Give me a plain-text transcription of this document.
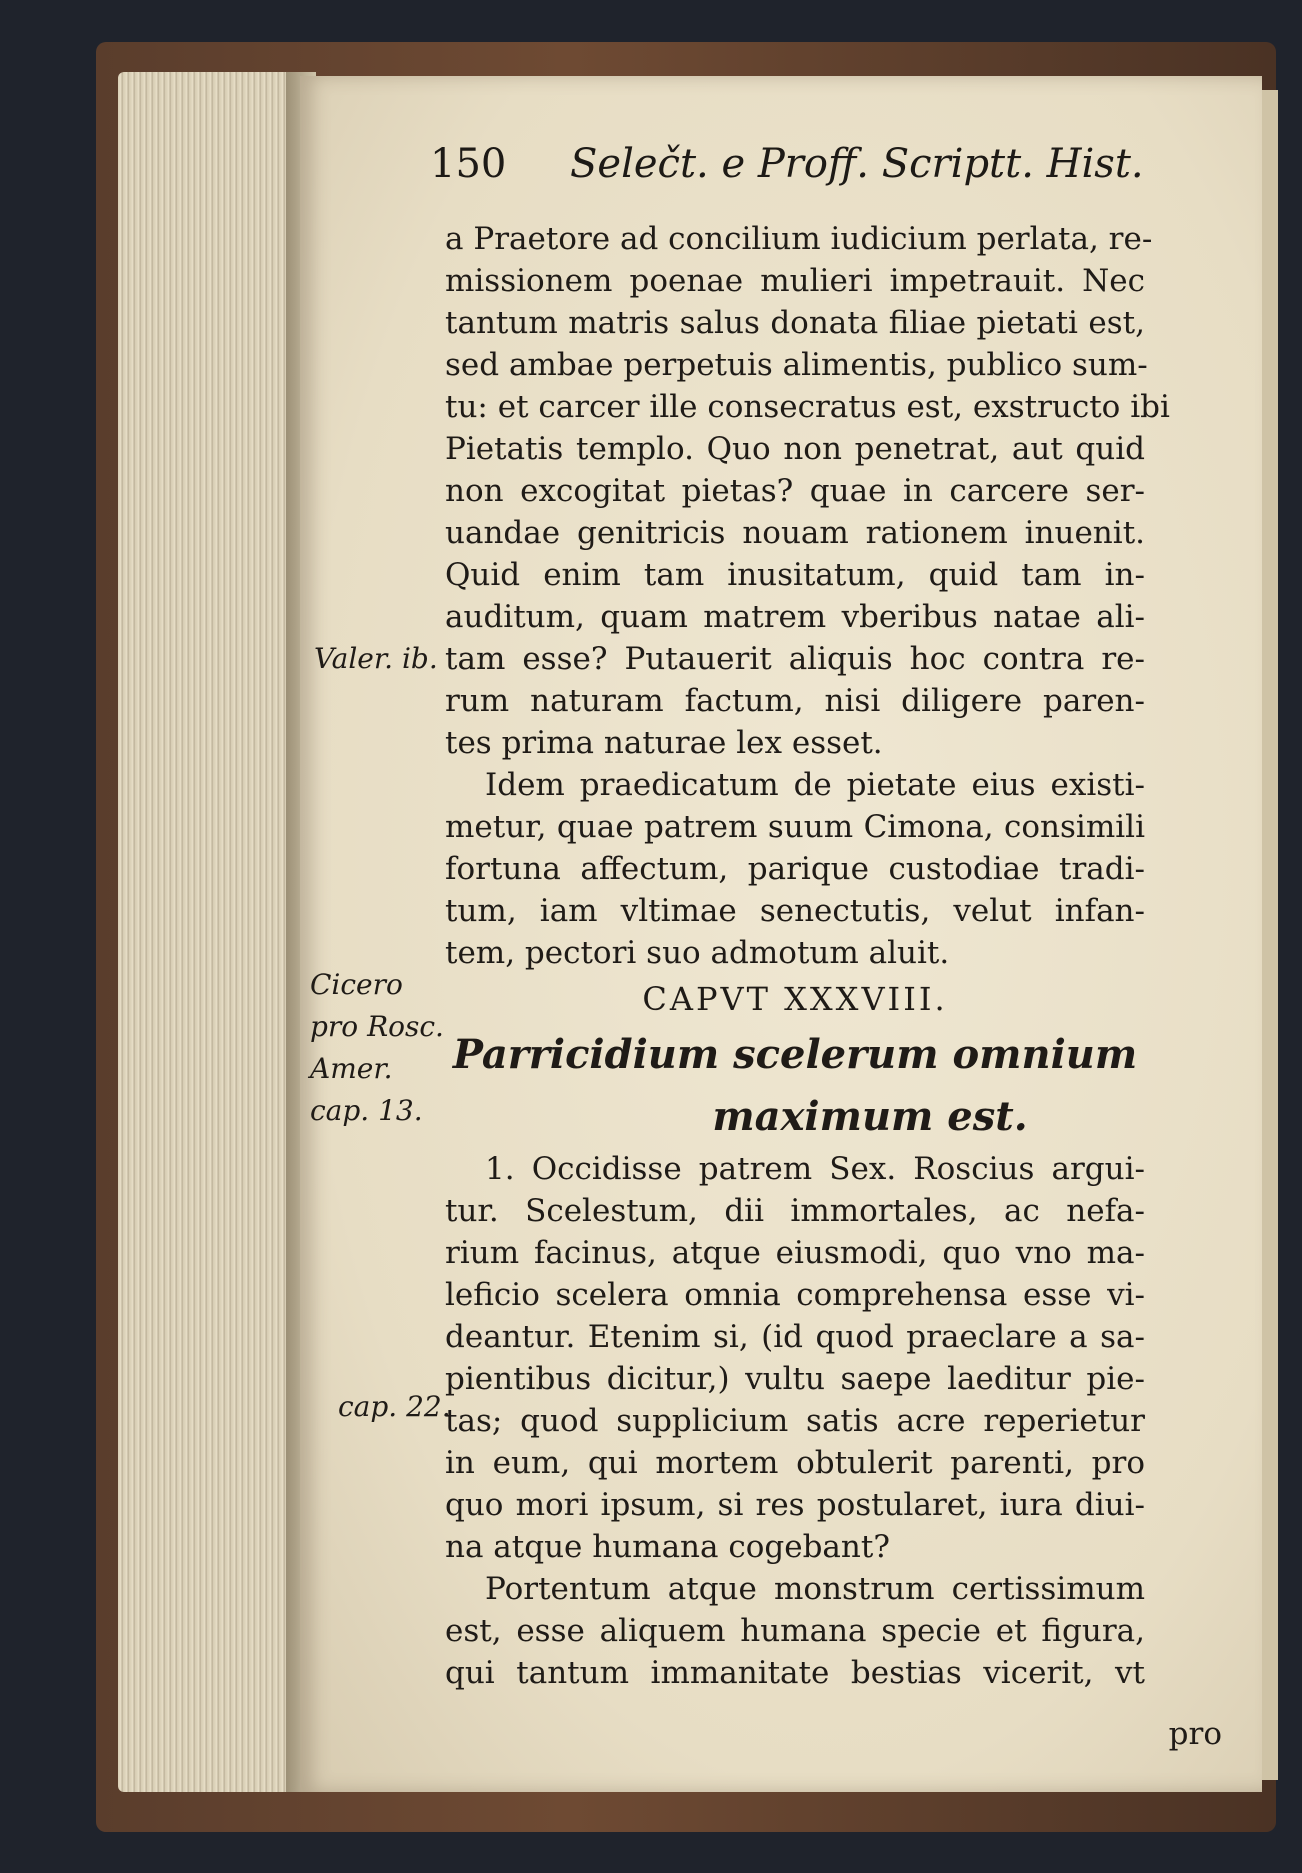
150 Selečt. e Proff. Scriptt. Hist.
Valer. ib.
Cicero
pro Rosc.
Amer.
cap. 13.
cap. 22.
a Praetore ad concilium iudicium perlata, re-
missionem poenae mulieri impetrauit. Nec
tantum matris salus donata filiae pietati est,
sed ambae perpetuis alimentis, publico sum-
tu: et carcer ille consecratus est, exstructo ibi
Pietatis templo. Quo non penetrat, aut quid
non excogitat pietas? quae in carcere ser-
uandae genitricis nouam rationem inuenit.
Quid enim tam inusitatum, quid tam in-
auditum, quam matrem vberibus natae ali-
tam esse? Putauerit aliquis hoc contra re-
rum naturam factum, nisi diligere paren-
tes prima naturae lex esset.
Idem praedicatum de pietate eius existi-
metur, quae patrem suum Cimona, consimili
fortuna affectum, parique custodiae tradi-
tum, iam vltimae senectutis, velut infan-
tem, pectori suo admotum aluit.
CAPVT XXXVIII.
Parricidium scelerum omnium
maximum est.
1. Occidisse patrem Sex. Roscius argui-
tur. Scelestum, dii immortales, ac nefa-
rium facinus, atque eiusmodi, quo vno ma-
leficio scelera omnia comprehensa esse vi-
deantur. Etenim si, (id quod praeclare a sa-
pientibus dicitur,) vultu saepe laeditur pie-
tas; quod supplicium satis acre reperietur
in eum, qui mortem obtulerit parenti, pro
quo mori ipsum, si res postularet, iura diui-
na atque humana cogebant?
Portentum atque monstrum certissimum
est, esse aliquem humana specie et figura,
qui tantum immanitate bestias vicerit, vt
pro
